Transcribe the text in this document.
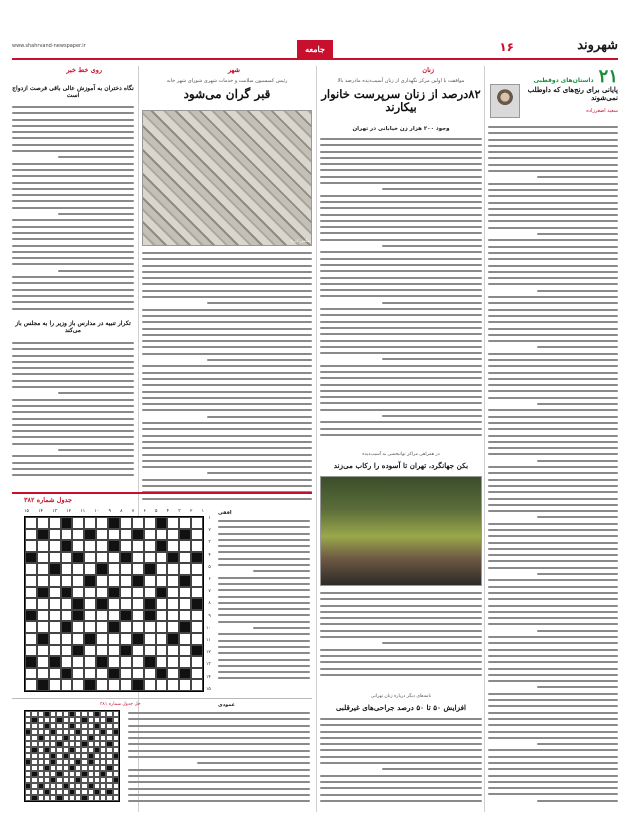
www.shahrvand-newspaper.ir	جامعه	۱۶	شهروند
۲۱ داستان‌های دوقطبی
پایانی برای رنج‌های که داوطلب نمی‌شوند
سعید اصغرزاده
زنان
موافقت با اولین مرکز نگهداری از زنان آسیب‌دیده مادرصد بالا
۸۲درصد از زنان سرپرست خانوار بیکارند
وجود ۲۰۰ هزار زن خیابانی در تهران
در همراهی مراکز توانبخشی به آسیب‌دیده
بکن جهانگرد، تهران تا آسوده را رکاب می‌زند
نامه‌های دیگر درباره زنان تهرانی
افزایش ۵۰ تا ۵۰ درصد جراحی‌های غیرقلبی
شهر
رئیس کمیسیون سلامت و خدمات شهری شورای شهر خانه
قبر گران می‌شود
عکس: ایرنا
روی خط خبر
نگاه دختران به آموزش عالی باقی فرصت ازدواج است
تکرار تنبیه در مدارس باز وزیر را به مجلس باز می‌کند
جدول شماره ۳۸۲
۱
۲
۳
۴
۵
۶
۷
۸
۹
۱۰
۱۱
۱۲
۱۳
۱۴
۱۵
۱
۲
۳
۴
۵
۶
۷
۸
۹
۱۰
۱۱
۱۲
۱۳
۱۴
۱۵
افقی
حل جدول شماره ۳۸۱	عمودی
